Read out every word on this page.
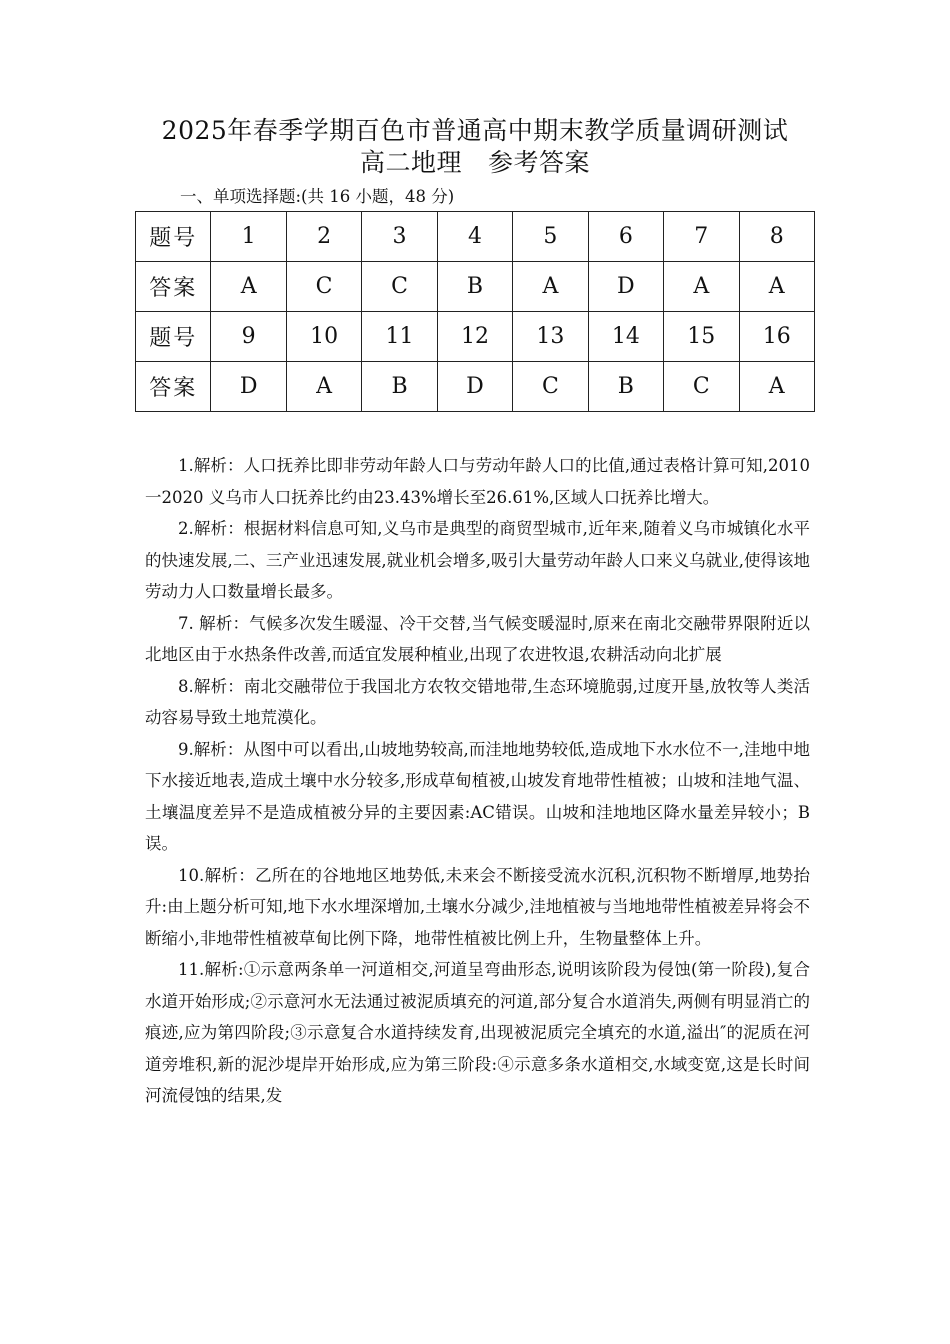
2025年春季学期百色市普通高中期末教学质量调研测试
高二地理 参考答案
一、单项选择题:(共 16 小题，48 分)
题号	1	2	3	4	5	6	7	8
答案	A	C	C	B	A	D	A	A
题号	9	10	11	12	13	14	15	16
答案	D	A	B	D	C	B	C	A

1.解析：人口抚养比即非劳动年龄人口与劳动年龄人口的比值,通过表格计算可知,2010一2020 义乌市人口抚养比约由23.43%增长至26.61%,区域人口抚养比增大。

2.解析：根据材料信息可知,义乌市是典型的商贸型城市,近年来,随着义乌市城镇化水平的快速发展,二、三产业迅速发展,就业机会增多,吸引大量劳动年龄人口来义乌就业,使得该地劳动力人口数量增长最多。

7. 解析：气候多次发生暖湿、冷干交替,当气候变暖湿时,原来在南北交融带界限附近以北地区由于水热条件改善,而适宜发展种植业,出现了农进牧退,农耕活动向北扩展

8.解析：南北交融带位于我国北方农牧交错地带,生态环境脆弱,过度开垦,放牧等人类活动容易导致土地荒漠化。

9.解析：从图中可以看出,山坡地势较高,而洼地地势较低,造成地下水水位不一,洼地中地下水接近地表,造成土壤中水分较多,形成草甸植被,山坡发育地带性植被；山坡和洼地气温、土壤温度差异不是造成植被分异的主要因素:AC错误。山坡和洼地地区降水量差异较小；B误。

10.解析：乙所在的谷地地区地势低,未来会不断接受流水沉积,沉积物不断增厚,地势抬升:由上题分析可知,地下水水埋深增加,土壤水分减少,洼地植被与当地地带性植被差异将会不断缩小,非地带性植被草甸比例下降，地带性植被比例上升，生物量整体上升。

11.解析:①示意两条单一河道相交,河道呈弯曲形态,说明该阶段为侵蚀(第一阶段),复合水道开始形成;②示意河水无法通过被泥质填充的河道,部分复合水道消失,两侧有明显消亡的痕迹,应为第四阶段;③示意复合水道持续发育,出现被泥质完全填充的水道,溢出″的泥质在河道旁堆积,新的泥沙堤岸开始形成,应为第三阶段:④示意多条水道相交,水域变宽,这是长时间河流侵蚀的结果,发
